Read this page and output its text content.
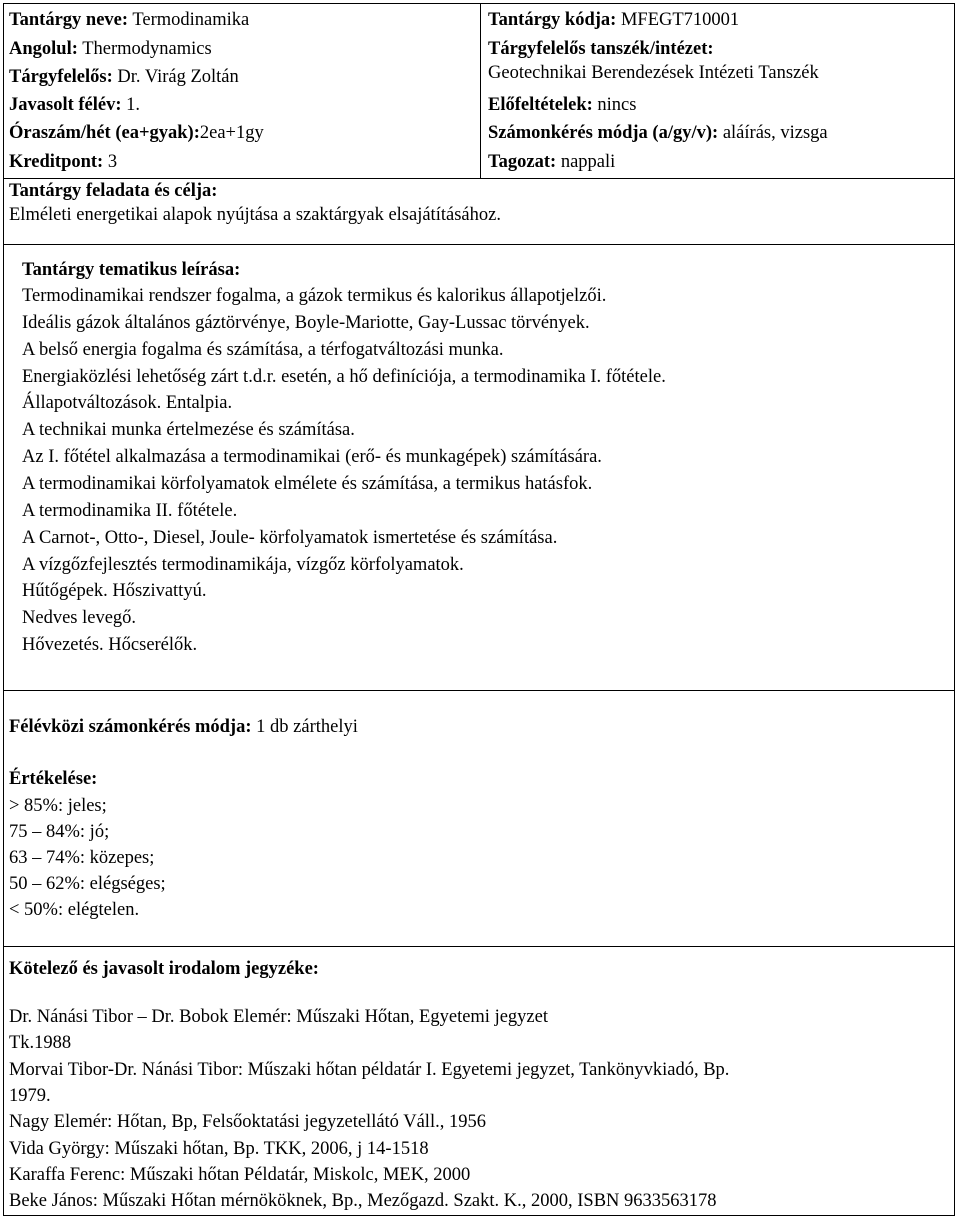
Tantárgy neve: Termodinamika
Angolul: Thermodynamics
Tárgyfelelős: Dr. Virág Zoltán
Javasolt félév: 1.
Óraszám/hét (ea+gyak):2ea+1gy
Kreditpont: 3
Tantárgy kódja: MFEGT710001
Tárgyfelelős tanszék/intézet:
Geotechnikai Berendezések Intézeti Tanszék
Előfeltételek: nincs
Számonkérés módja (a/gy/v): aláírás, vizsga
Tagozat: nappali
Tantárgy feladata és célja:
Elméleti energetikai alapok nyújtása a szaktárgyak elsajátításához.
Tantárgy tematikus leírása:
Termodinamikai rendszer fogalma, a gázok termikus és kalorikus állapotjelzői.
Ideális gázok általános gáztörvénye, Boyle-Mariotte, Gay-Lussac törvények.
A belső energia fogalma és számítása, a térfogatváltozási munka.
Energiaközlési lehetőség zárt t.d.r. esetén, a hő definíciója, a termodinamika I. főtétele.
Állapotváltozások. Entalpia.
A technikai munka értelmezése és számítása.
Az I. főtétel alkalmazása a termodinamikai (erő- és munkagépek) számítására.
A termodinamikai körfolyamatok elmélete és számítása, a termikus hatásfok.
A termodinamika II. főtétele.
A Carnot-, Otto-, Diesel, Joule- körfolyamatok ismertetése és számítása.
A vízgőzfejlesztés termodinamikája, vízgőz körfolyamatok.
Hűtőgépek. Hőszivattyú.
Nedves levegő.
Hővezetés. Hőcserélők.
Félévközi számonkérés módja: 1 db zárthelyi
Értékelése:
> 85%: jeles;
75 – 84%: jó;
63 – 74%: közepes;
50 – 62%: elégséges;
< 50%: elégtelen.
Kötelező és javasolt irodalom jegyzéke:
Dr. Nánási Tibor – Dr. Bobok Elemér: Műszaki Hőtan, Egyetemi jegyzet
Tk.1988
Morvai Tibor-Dr. Nánási Tibor: Műszaki hőtan példatár I. Egyetemi jegyzet, Tankönyvkiadó, Bp.
1979.
Nagy Elemér: Hőtan, Bp, Felsőoktatási jegyzetellátó Váll., 1956
Vida György: Műszaki hőtan, Bp. TKK, 2006, j 14-1518
Karaffa Ferenc: Műszaki hőtan Példatár, Miskolc, MEK, 2000
Beke János: Műszaki Hőtan mérnököknek, Bp., Mezőgazd. Szakt. K., 2000, ISBN 9633563178
